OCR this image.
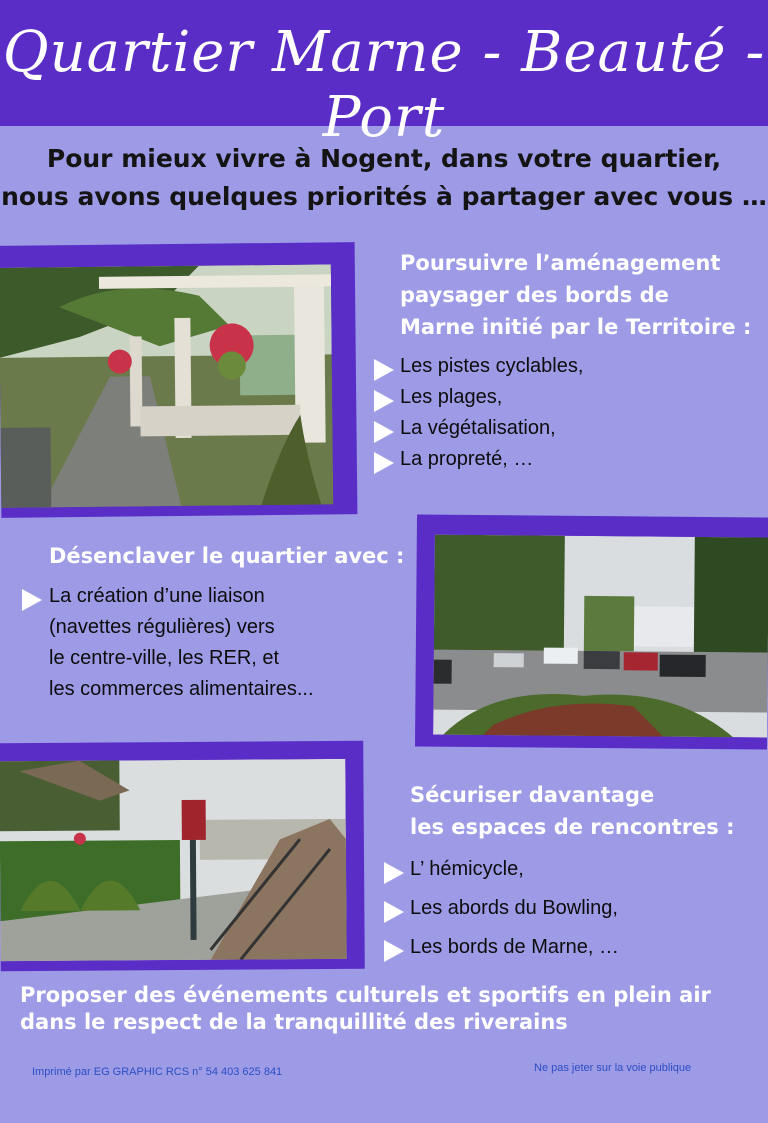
Quartier Marne - Beauté - Port
Pour mieux vivre à Nogent, dans votre quartier,
nous avons quelques priorités à partager avec vous …
Poursuivre l’aménagement
paysager des bords de
Marne initié par le Territoire :
Les pistes cyclables,
Les plages,
La végétalisation,
La propreté, …
Désenclaver le quartier avec :
La création d’une liaison
(navettes régulières) vers
le centre-ville, les RER, et
les commerces alimentaires...
Sécuriser davantage
les espaces de rencontres :
L’ hémicycle,
Les abords du Bowling,
Les bords de Marne, …
Proposer des événements culturels et sportifs en plein air
dans le respect de la tranquillité des riverains
Imprimé par EG GRAPHIC RCS n° 54 403 625 841	Ne pas jeter sur la voie publique
